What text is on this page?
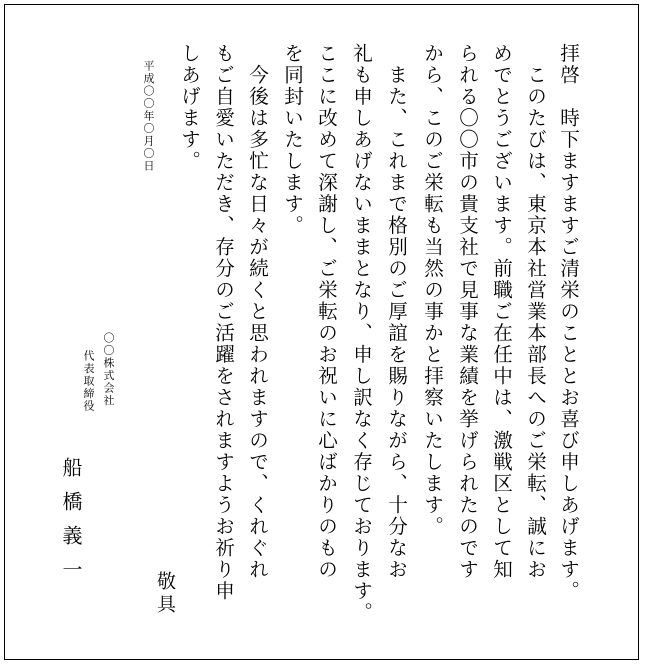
拝啓　時下ますますご清栄のこととお喜び申しあげます。

　このたびは、東京本社営業本部長へのご栄転、誠にお

めでとうございます。前職ご在任中は、激戦区として知

られる〇〇市の貴支社で見事な業績を挙げられたのです

から、このご栄転も当然の事かと拝察いたします。

　また、これまで格別のご厚誼を賜りながら、十分なお

礼も申しあげないままとなり、申し訳なく存じております。

ここに改めて深謝し、ご栄転のお祝いに心ばかりのもの

を同封いたします。

　今後は多忙な日々が続くと思われますので、くれぐれ

もご自愛いただき、存分のご活躍をされますようお祈り申

しあげます。

敬具

平成〇〇年〇月〇日

〇〇株式会社

代表取締役

船橋義一
